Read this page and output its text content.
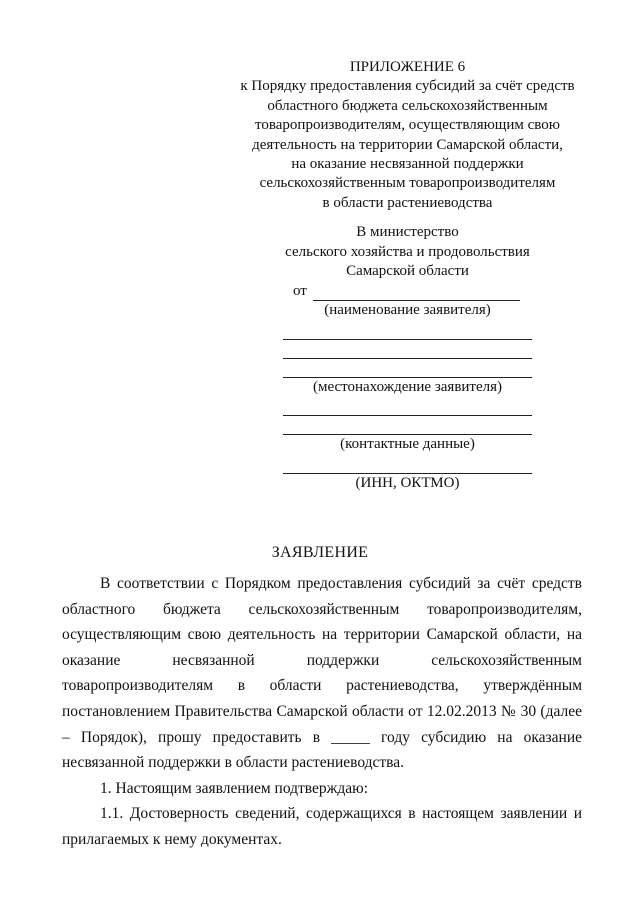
ПРИЛОЖЕНИЕ 6
к Порядку предоставления субсидий за счёт средств
областного бюджета сельскохозяйственным
товаропроизводителям, осуществляющим свою
деятельность на территории Самарской области,
на оказание несвязанной поддержки
сельскохозяйственным товаропроизводителям
в области растениеводства
В министерство
сельского хозяйства и продовольствия
Самарской области
от
(наименование заявителя)
(местонахождение заявителя)
(контактные данные)
(ИНН, ОКТМО)
ЗАЯВЛЕНИЕ

В соответствии с Порядком предоставления субсидий за счёт средств областного бюджета сельскохозяйственным товаропроизводителям, осуществляющим свою деятельность на территории Самарской области, на оказание несвязанной поддержки сельскохозяйственным товаропроизводителям в области растениеводства, утверждённым постановлением Правительства Самарской области от 12.02.2013 № 30 (далее – Порядок), прошу предоставить в _____ году субсидию на оказание несвязанной поддержки в области растениеводства.

1. Настоящим заявлением подтверждаю:

1.1. Достоверность сведений, содержащихся в настоящем заявлении и прилагаемых к нему документах.
